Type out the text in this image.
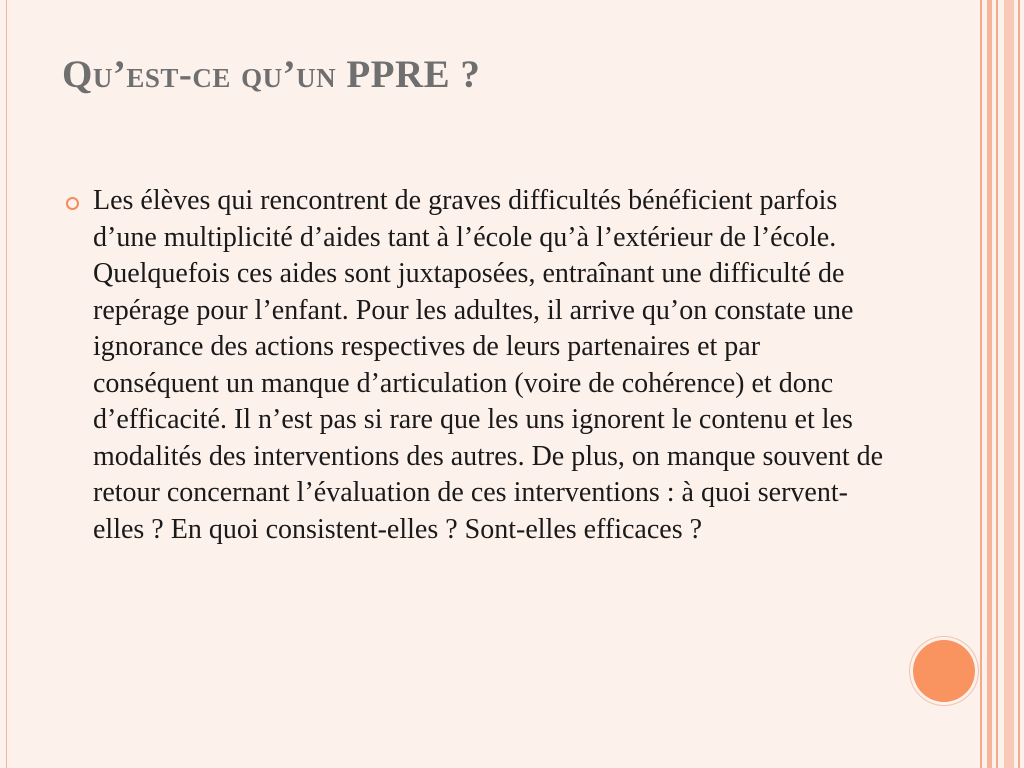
Qu’est-ce qu’un PPRE ?
Les élèves qui rencontrent de graves difficultés bénéficient parfois d’une multiplicité d’aides tant à l’école qu’à l’extérieur de l’école. Quelquefois ces aides sont juxtaposées, entraînant une difficulté de repérage pour l’enfant. Pour les adultes, il arrive qu’on constate une ignorance des actions respectives de leurs partenaires et par conséquent un manque d’articulation (voire de cohérence) et donc d’efficacité. Il n’est pas si rare que les uns ignorent le contenu et les modalités des interventions des autres. De plus, on manque souvent de retour concernant l’évaluation de ces interventions : à quoi servent-elles ? En quoi consistent-elles ? Sont-elles efficaces ?
